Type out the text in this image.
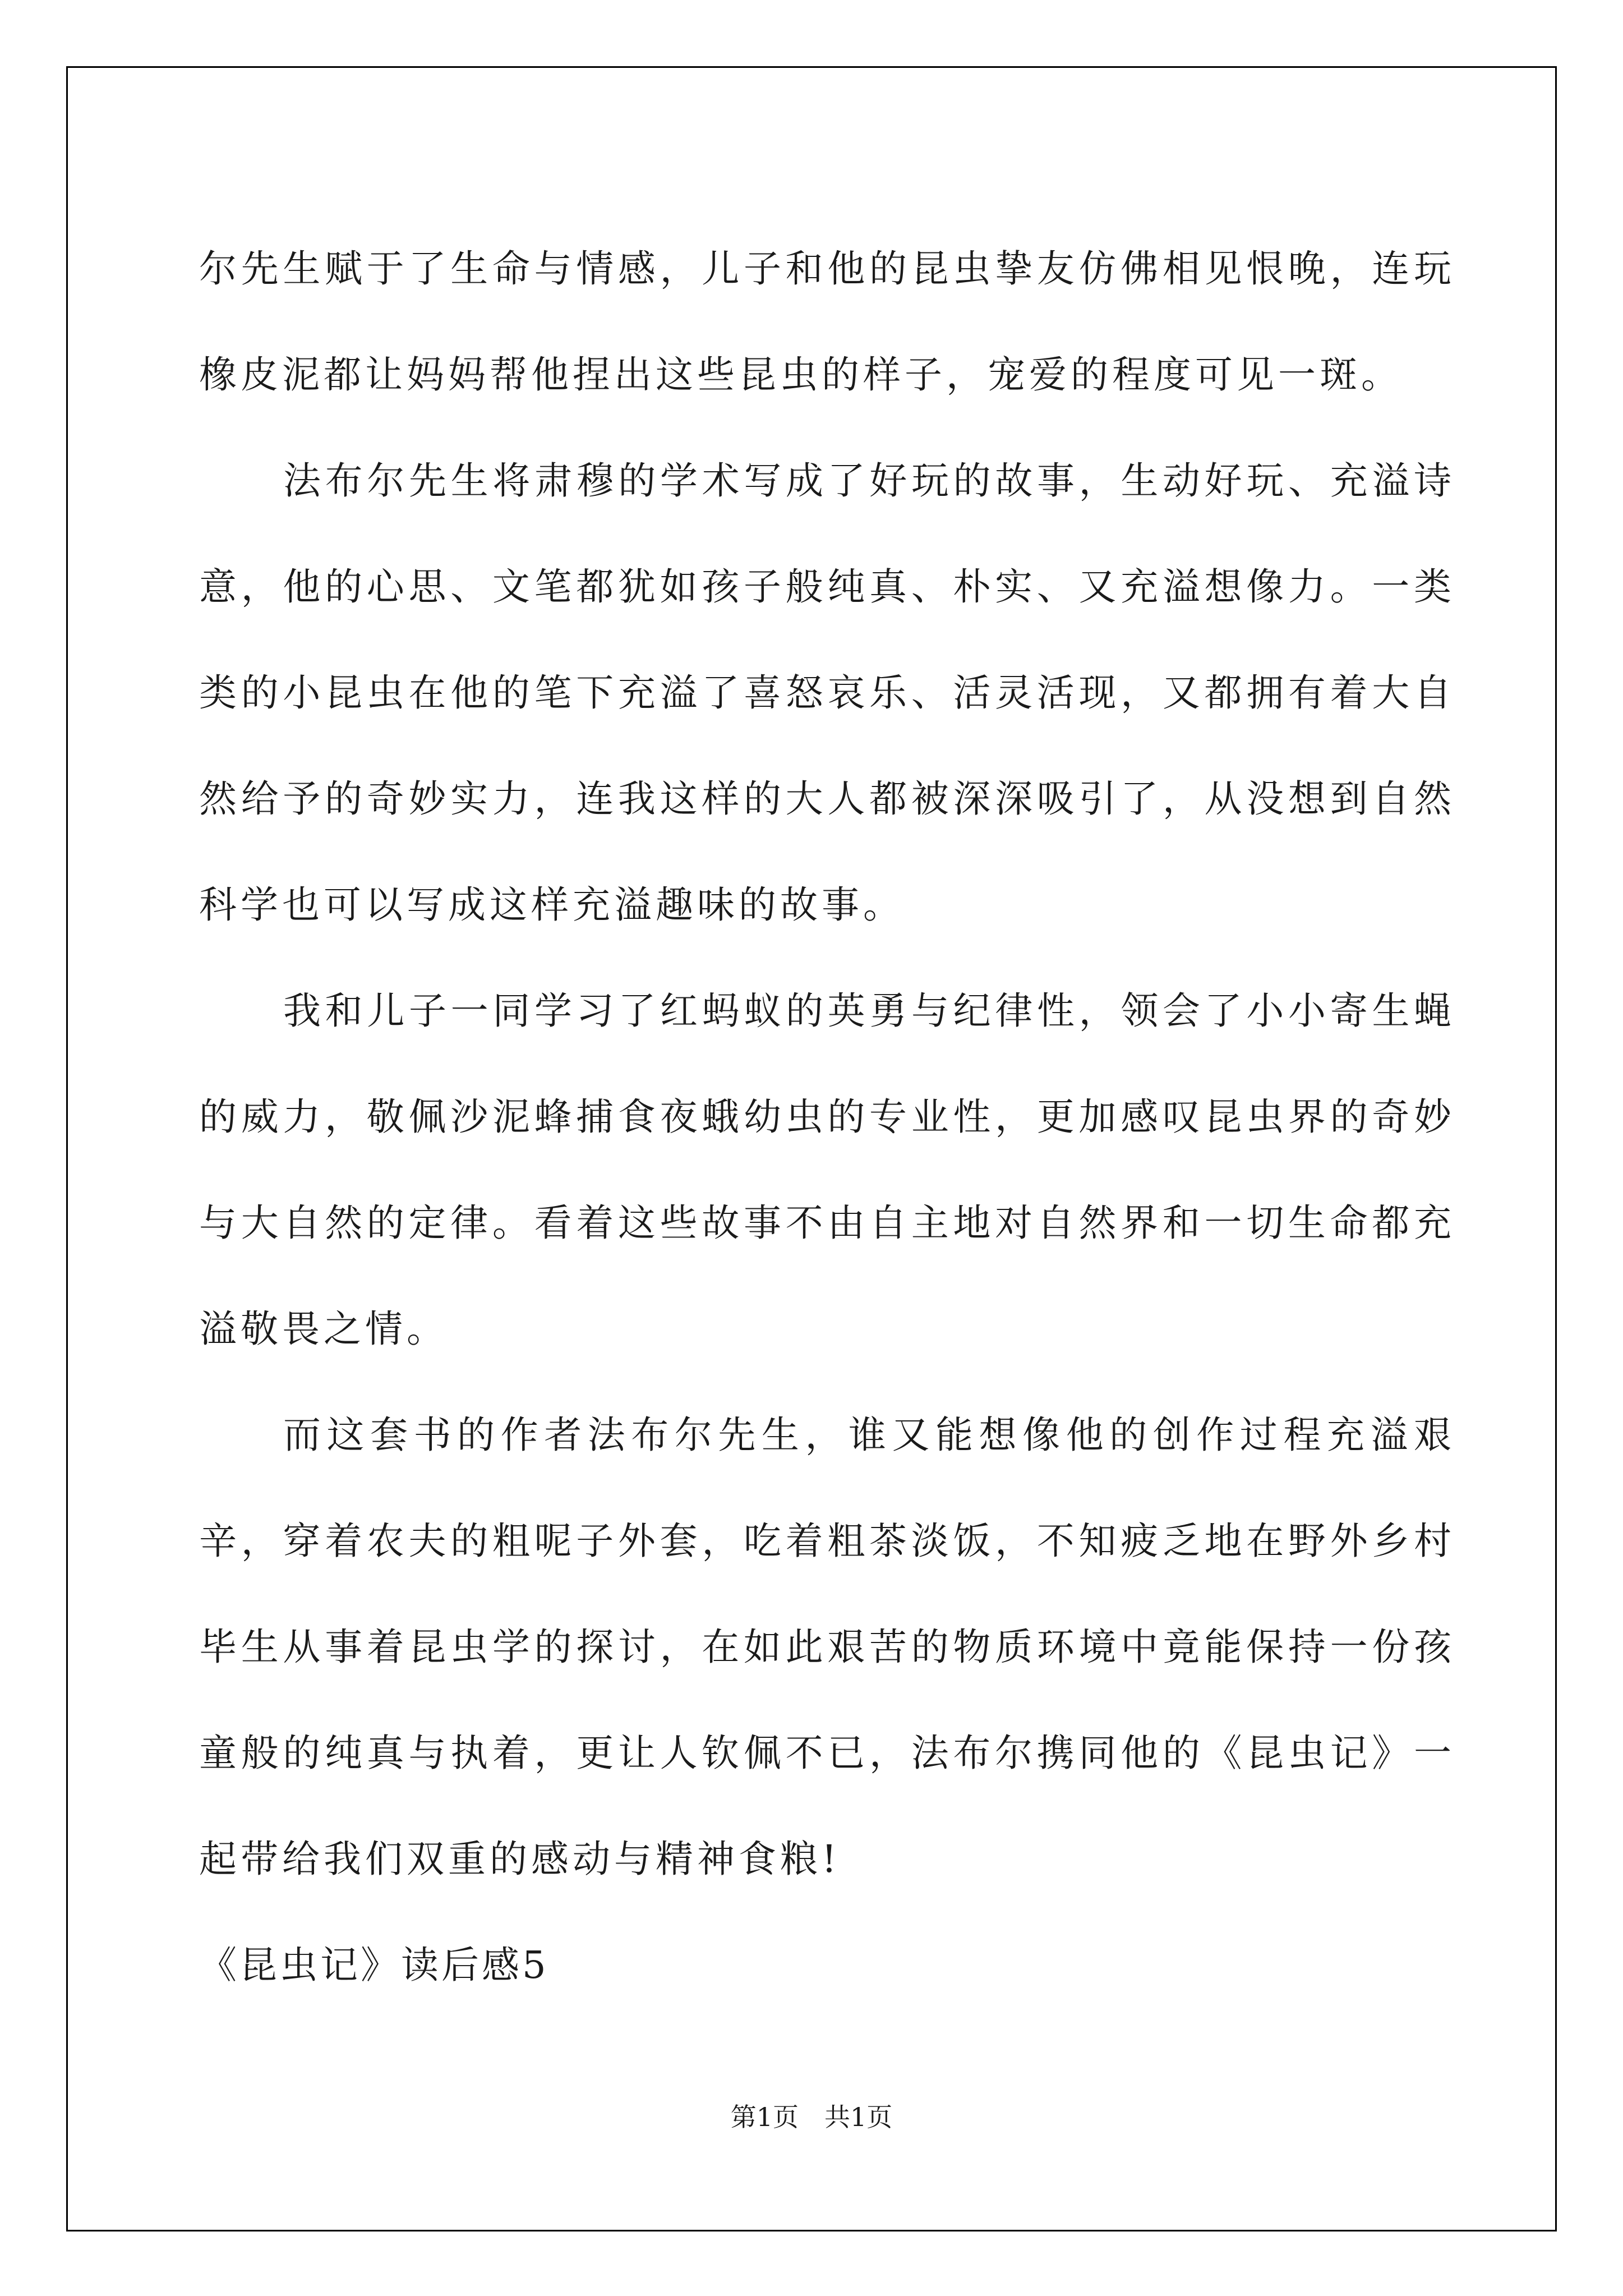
尔先生赋于了生命与情感，儿子和他的昆虫挚友仿佛相见恨晚，连玩橡皮泥都让妈妈帮他捏出这些昆虫的样子，宠爱的程度可见一斑。

法布尔先生将肃穆的学术写成了好玩的故事，生动好玩、充溢诗意，他的心思、文笔都犹如孩子般纯真、朴实、又充溢想像力。一类类的小昆虫在他的笔下充溢了喜怒哀乐、活灵活现，又都拥有着大自然给予的奇妙实力，连我这样的大人都被深深吸引了，从没想到自然科学也可以写成这样充溢趣味的故事。

我和儿子一同学习了红蚂蚁的英勇与纪律性，领会了小小寄生蝇的威力，敬佩沙泥蜂捕食夜蛾幼虫的专业性，更加感叹昆虫界的奇妙与大自然的定律。看着这些故事不由自主地对自然界和一切生命都充溢敬畏之情。

而这套书的作者法布尔先生，谁又能想像他的创作过程充溢艰辛，穿着农夫的粗呢子外套，吃着粗茶淡饭，不知疲乏地在野外乡村毕生从事着昆虫学的探讨，在如此艰苦的物质环境中竟能保持一份孩童般的纯真与执着，更让人钦佩不已，法布尔携同他的《昆虫记》一起带给我们双重的感动与精神食粮!

《昆虫记》读后感5

第1页　共1页
